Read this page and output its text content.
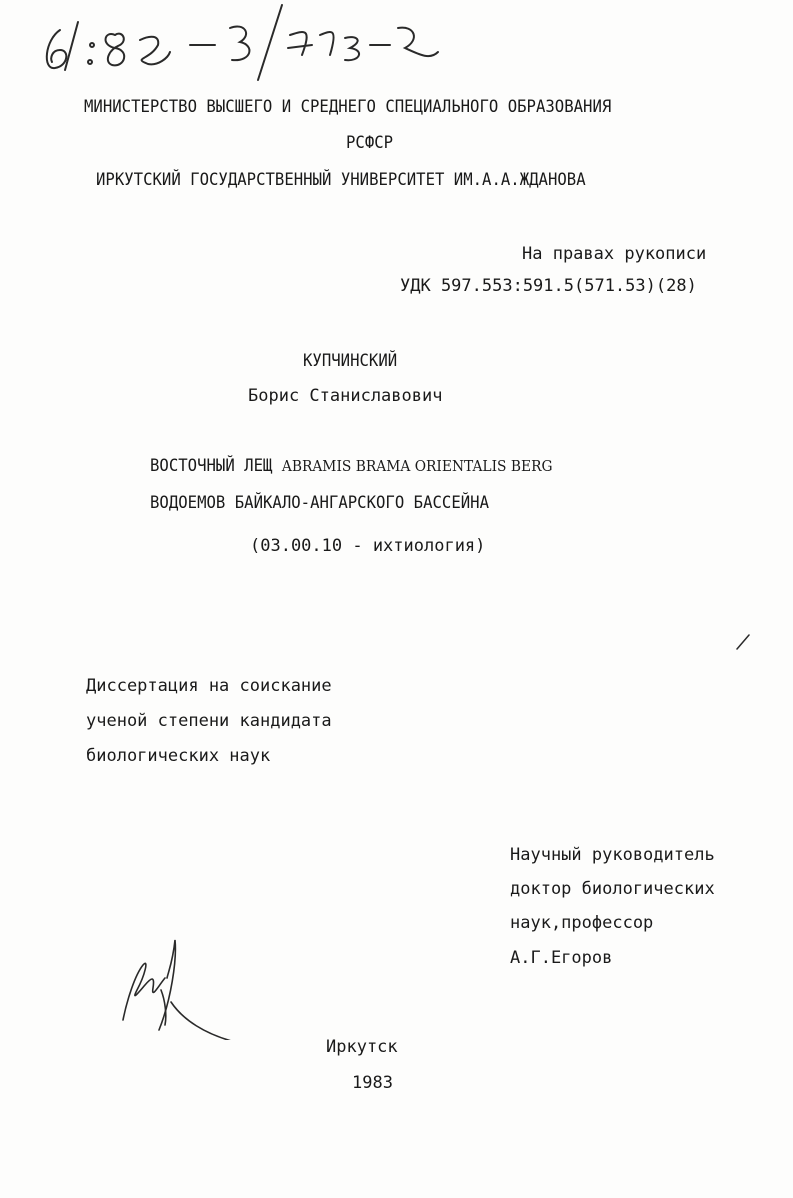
МИНИСТЕРСТВО ВЫСШЕГО И СРЕДНЕГО СПЕЦИАЛЬНОГО ОБРАЗОВАНИЯ
РСФСР
ИРКУТСКИЙ ГОСУДАРСТВЕННЫЙ УНИВЕРСИТЕТ ИМ.А.А.ЖДАНОВА
На правах рукописи
УДК 597.553:591.5(571.53)(28)
КУПЧИНСКИЙ
Борис Станиславович
ВОСТОЧНЫЙ ЛЕЩ ABRAMIS BRAMA ORIENTALIS BERG
ВОДОЕМОВ БАЙКАЛО-АНГАРСКОГО БАССЕЙНА
(03.00.10 - ихтиология)
Диссертация на соискание
ученой степени кандидата
биологических наук
Научный руководитель
доктор биологических
наук,профессор
А.Г.Егоров
Иркутск
1983
